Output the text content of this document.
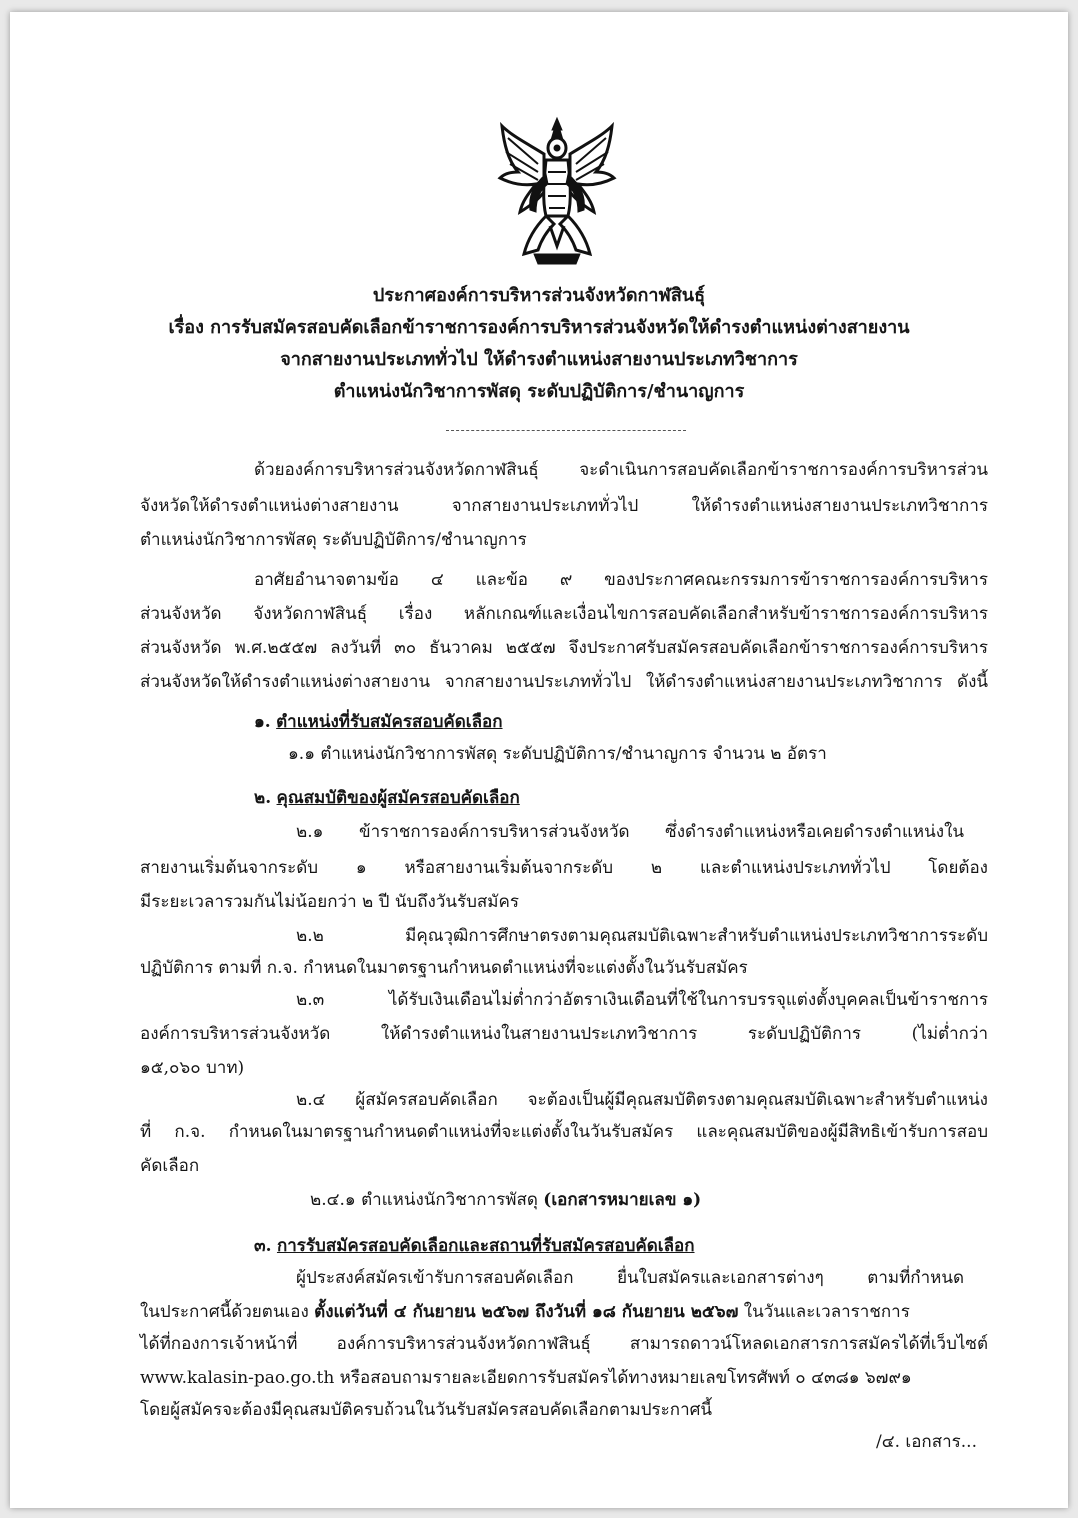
ประกาศองค์การบริหารส่วนจังหวัดกาฬสินธุ์
เรื่อง การรับสมัครสอบคัดเลือกข้าราชการองค์การบริหารส่วนจังหวัดให้ดำรงตำแหน่งต่างสายงาน
จากสายงานประเภททั่วไป ให้ดำรงตำแหน่งสายงานประเภทวิชาการ
ตำแหน่งนักวิชาการพัสดุ ระดับปฏิบัติการ/ชำนาญการ
ด้วยองค์การบริหารส่วนจังหวัดกาฬสินธุ์ จะดำเนินการสอบคัดเลือกข้าราชการองค์การบริหารส่วน
จังหวัดให้ดำรงตำแหน่งต่างสายงาน จากสายงานประเภททั่วไป ให้ดำรงตำแหน่งสายงานประเภทวิชาการ
ตำแหน่งนักวิชาการพัสดุ ระดับปฏิบัติการ/ชำนาญการ
อาศัยอำนาจตามข้อ ๔ และข้อ ๙ ของประกาศคณะกรรมการข้าราชการองค์การบริหาร
ส่วนจังหวัด จังหวัดกาฬสินธุ์ เรื่อง หลักเกณฑ์และเงื่อนไขการสอบคัดเลือกสำหรับข้าราชการองค์การบริหาร
ส่วนจังหวัด พ.ศ.๒๕๕๗ ลงวันที่ ๓๐ ธันวาคม ๒๕๕๗ จึงประกาศรับสมัครสอบคัดเลือกข้าราชการองค์การบริหาร
ส่วนจังหวัดให้ดำรงตำแหน่งต่างสายงาน จากสายงานประเภททั่วไป ให้ดำรงตำแหน่งสายงานประเภทวิชาการ ดังนี้
๑. ตำแหน่งที่รับสมัครสอบคัดเลือก
๑.๑ ตำแหน่งนักวิชาการพัสดุ ระดับปฏิบัติการ/ชำนาญการ จำนวน ๒ อัตรา
๒. คุณสมบัติของผู้สมัครสอบคัดเลือก
๒.๑ ข้าราชการองค์การบริหารส่วนจังหวัด ซึ่งดำรงตำแหน่งหรือเคยดำรงตำแหน่งใน
สายงานเริ่มต้นจากระดับ ๑ หรือสายงานเริ่มต้นจากระดับ ๒ และตำแหน่งประเภททั่วไป โดยต้อง
มีระยะเวลารวมกันไม่น้อยกว่า ๒ ปี นับถึงวันรับสมัคร
๒.๒ มีคุณวุฒิการศึกษาตรงตามคุณสมบัติเฉพาะสำหรับตำแหน่งประเภทวิชาการระดับ
ปฏิบัติการ ตามที่ ก.จ. กำหนดในมาตรฐานกำหนดตำแหน่งที่จะแต่งตั้งในวันรับสมัคร
๒.๓ ได้รับเงินเดือนไม่ต่ำกว่าอัตราเงินเดือนที่ใช้ในการบรรจุแต่งตั้งบุคคลเป็นข้าราชการ
องค์การบริหารส่วนจังหวัด ให้ดำรงตำแหน่งในสายงานประเภทวิชาการ ระดับปฏิบัติการ (ไม่ต่ำกว่า
๑๕,๐๖๐ บาท)
๒.๔ ผู้สมัครสอบคัดเลือก จะต้องเป็นผู้มีคุณสมบัติตรงตามคุณสมบัติเฉพาะสำหรับตำแหน่ง
ที่ ก.จ. กำหนดในมาตรฐานกำหนดตำแหน่งที่จะแต่งตั้งในวันรับสมัคร และคุณสมบัติของผู้มีสิทธิเข้ารับการสอบ
คัดเลือก
๒.๔.๑ ตำแหน่งนักวิชาการพัสดุ (เอกสารหมายเลข ๑)
๓. การรับสมัครสอบคัดเลือกและสถานที่รับสมัครสอบคัดเลือก
ผู้ประสงค์สมัครเข้ารับการสอบคัดเลือก ยื่นใบสมัครและเอกสารต่างๆ ตามที่กำหนด
ในประกาศนี้ด้วยตนเอง ตั้งแต่วันที่ ๔ กันยายน ๒๕๖๗ ถึงวันที่ ๑๘ กันยายน ๒๕๖๗ ในวันและเวลาราชการ
ได้ที่กองการเจ้าหน้าที่ องค์การบริหารส่วนจังหวัดกาฬสินธุ์ สามารถดาวน์โหลดเอกสารการสมัครได้ที่เว็บไซต์
www.kalasin-pao.go.th หรือสอบถามรายละเอียดการรับสมัครได้ทางหมายเลขโทรศัพท์ ๐ ๔๓๘๑ ๖๗๙๑
โดยผู้สมัครจะต้องมีคุณสมบัติครบถ้วนในวันรับสมัครสอบคัดเลือกตามประกาศนี้
/๔. เอกสาร...
